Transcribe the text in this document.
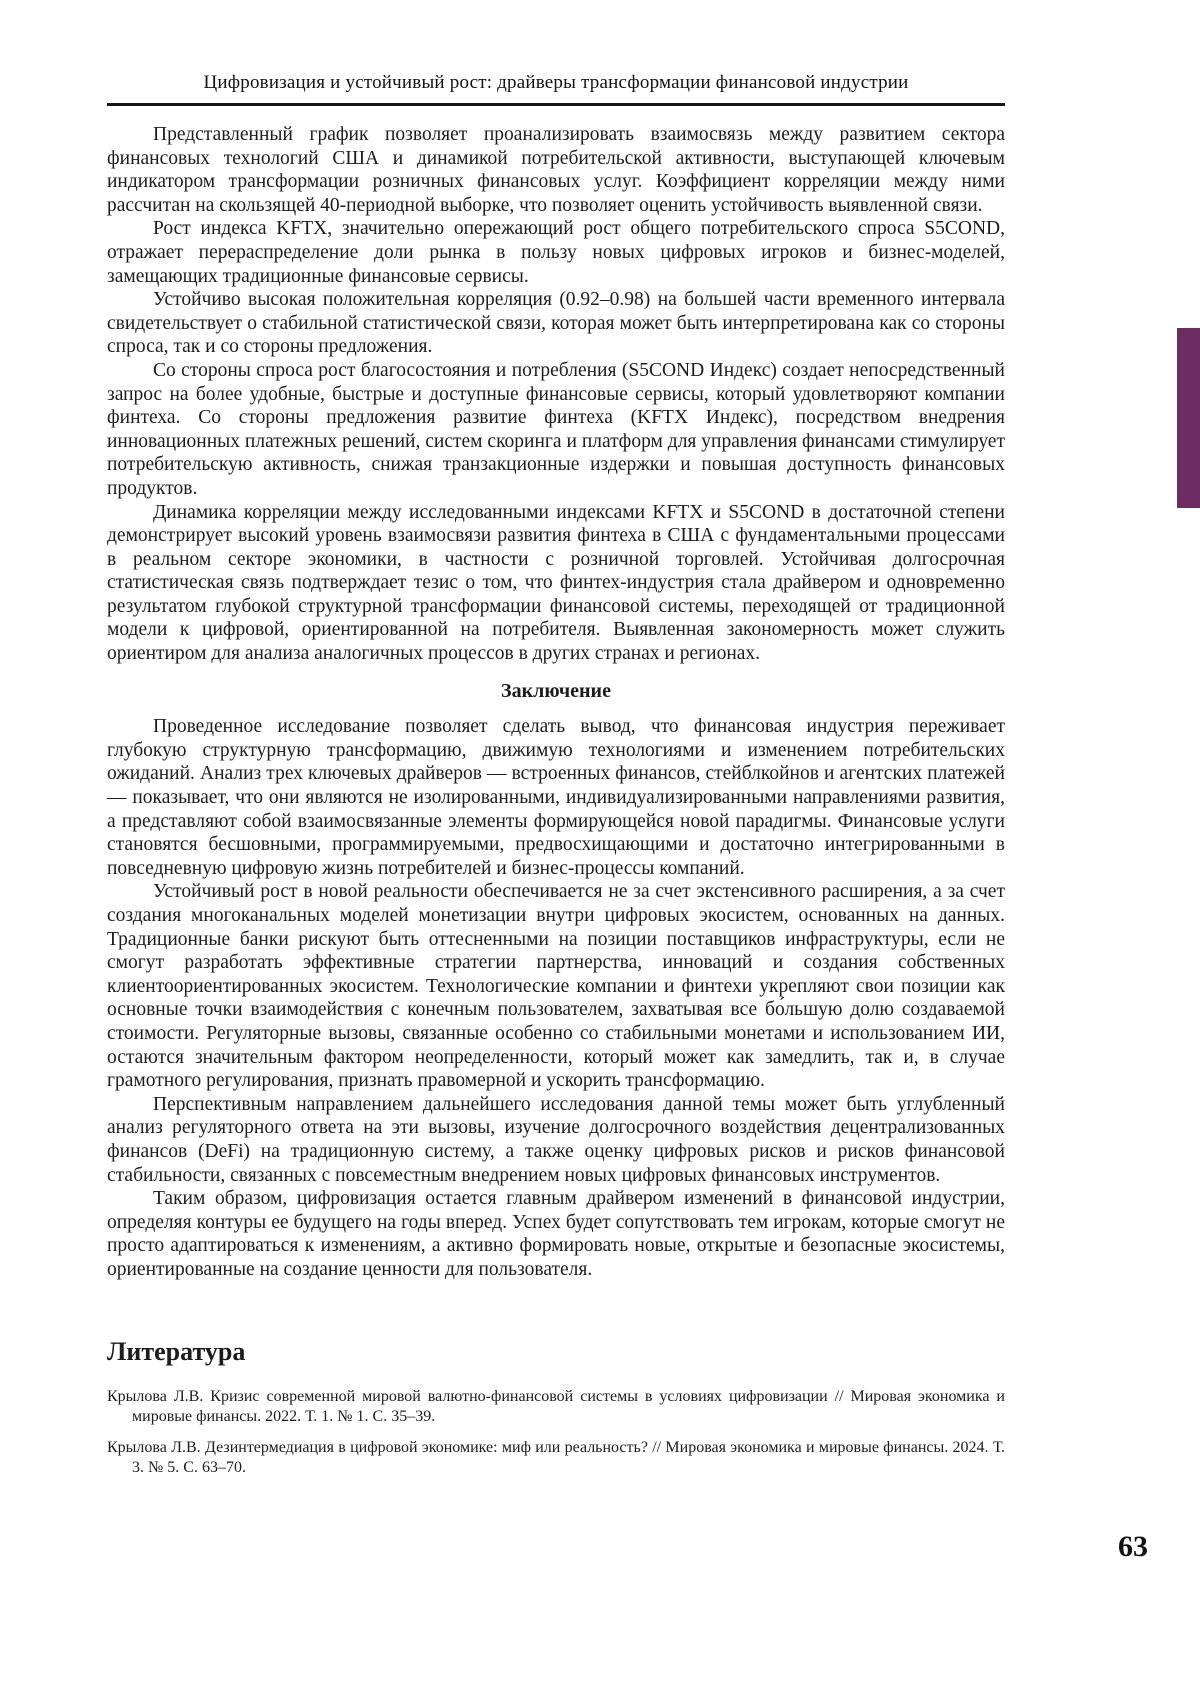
Цифровизация и устойчивый рост: драйверы трансформации финансовой индустрии

Представленный график позволяет проанализировать взаимосвязь между развитием сектора финансовых технологий США и динамикой потребительской активности, выступающей ключевым индикатором трансформации розничных финансовых услуг. Коэффициент корреляции между ними рассчитан на скользящей 40-периодной выборке, что позволяет оценить устойчивость выявленной связи.

Рост индекса KFTX, значительно опережающий рост общего потребительского спроса S5COND, отражает перераспределение доли рынка в пользу новых цифровых игроков и бизнес-моделей, замещающих традиционные финансовые сервисы.

Устойчиво высокая положительная корреляция (0.92–0.98) на большей части временного интервала свидетельствует о стабильной статистической связи, которая может быть интерпретирована как со стороны спроса, так и со стороны предложения.

Со стороны спроса рост благосостояния и потребления (S5COND Индекс) создает непосредственный запрос на более удобные, быстрые и доступные финансовые сервисы, который удовлетворяют компании финтеха. Со стороны предложения развитие финтеха (KFTX Индекс), посредством внедрения инновационных платежных решений, систем скоринга и платформ для управления финансами стимулирует потребительскую активность, снижая транзакционные издержки и повышая доступность финансовых продуктов.

Динамика корреляции между исследованными индексами KFTX и S5COND в достаточной степени демонстрирует высокий уровень взаимосвязи развития финтеха в США с фундаментальными процессами в реальном секторе экономики, в частности с розничной торговлей. Устойчивая долгосрочная статистическая связь подтверждает тезис о том, что финтех-индустрия стала драйвером и одновременно результатом глубокой структурной трансформации финансовой системы, переходящей от традиционной модели к цифровой, ориентированной на потребителя. Выявленная закономерность может служить ориентиром для анализа аналогичных процессов в других странах и регионах.

Заключение

Проведенное исследование позволяет сделать вывод, что финансовая индустрия переживает глубокую структурную трансформацию, движимую технологиями и изменением потребительских ожиданий. Анализ трех ключевых драйверов — встроенных финансов, стейблкойнов и агентских платежей — показывает, что они являются не изолированными, индивидуализированными направлениями развития, а представляют собой взаимосвязанные элементы формирующейся новой парадигмы. Финансовые услуги становятся бесшовными, программируемыми, предвосхищающими и достаточно интегрированными в повседневную цифровую жизнь потребителей и бизнес-процессы компаний.

Устойчивый рост в новой реальности обеспечивается не за счет экстенсивного расширения, а за счет создания многоканальных моделей монетизации внутри цифровых экосистем, основанных на данных. Традиционные банки рискуют быть оттесненными на позиции поставщиков инфраструктуры, если не смогут разработать эффективные стратегии партнерства, инноваций и создания собственных клиентоориентированных экосистем. Технологические компании и финтехи укрепляют свои позиции как основные точки взаимодействия с конечным пользователем, захватывая все бо́льшую долю создаваемой стоимости. Регуляторные вызовы, связанные особенно со стабильными монетами и использованием ИИ, остаются значительным фактором неопределенности, который может как замедлить, так и, в случае грамотного регулирования, признать правомерной и ускорить трансформацию.

Перспективным направлением дальнейшего исследования данной темы может быть углубленный анализ регуляторного ответа на эти вызовы, изучение долгосрочного воздействия децентрализованных финансов (DeFi) на традиционную систему, а также оценку цифровых рисков и рисков финансовой стабильности, связанных с повсеместным внедрением новых цифровых финансовых инструментов.

Таким образом, цифровизация остается главным драйвером изменений в финансовой индустрии, определяя контуры ее будущего на годы вперед. Успех будет сопутствовать тем игрокам, которые смогут не просто адаптироваться к изменениям, а активно формировать новые, открытые и безопасные экосистемы, ориентированные на создание ценности для пользователя.

Литература

Крылова Л.В. Кризис современной мировой валютно-финансовой системы в условиях цифровизации // Мировая экономика и мировые финансы. 2022. Т. 1. № 1. С. 35–39.

Крылова Л.В. Дезинтермедиация в цифровой экономике: миф или реальность? // Мировая экономика и мировые финансы. 2024. Т. 3. № 5. С. 63–70.

63
